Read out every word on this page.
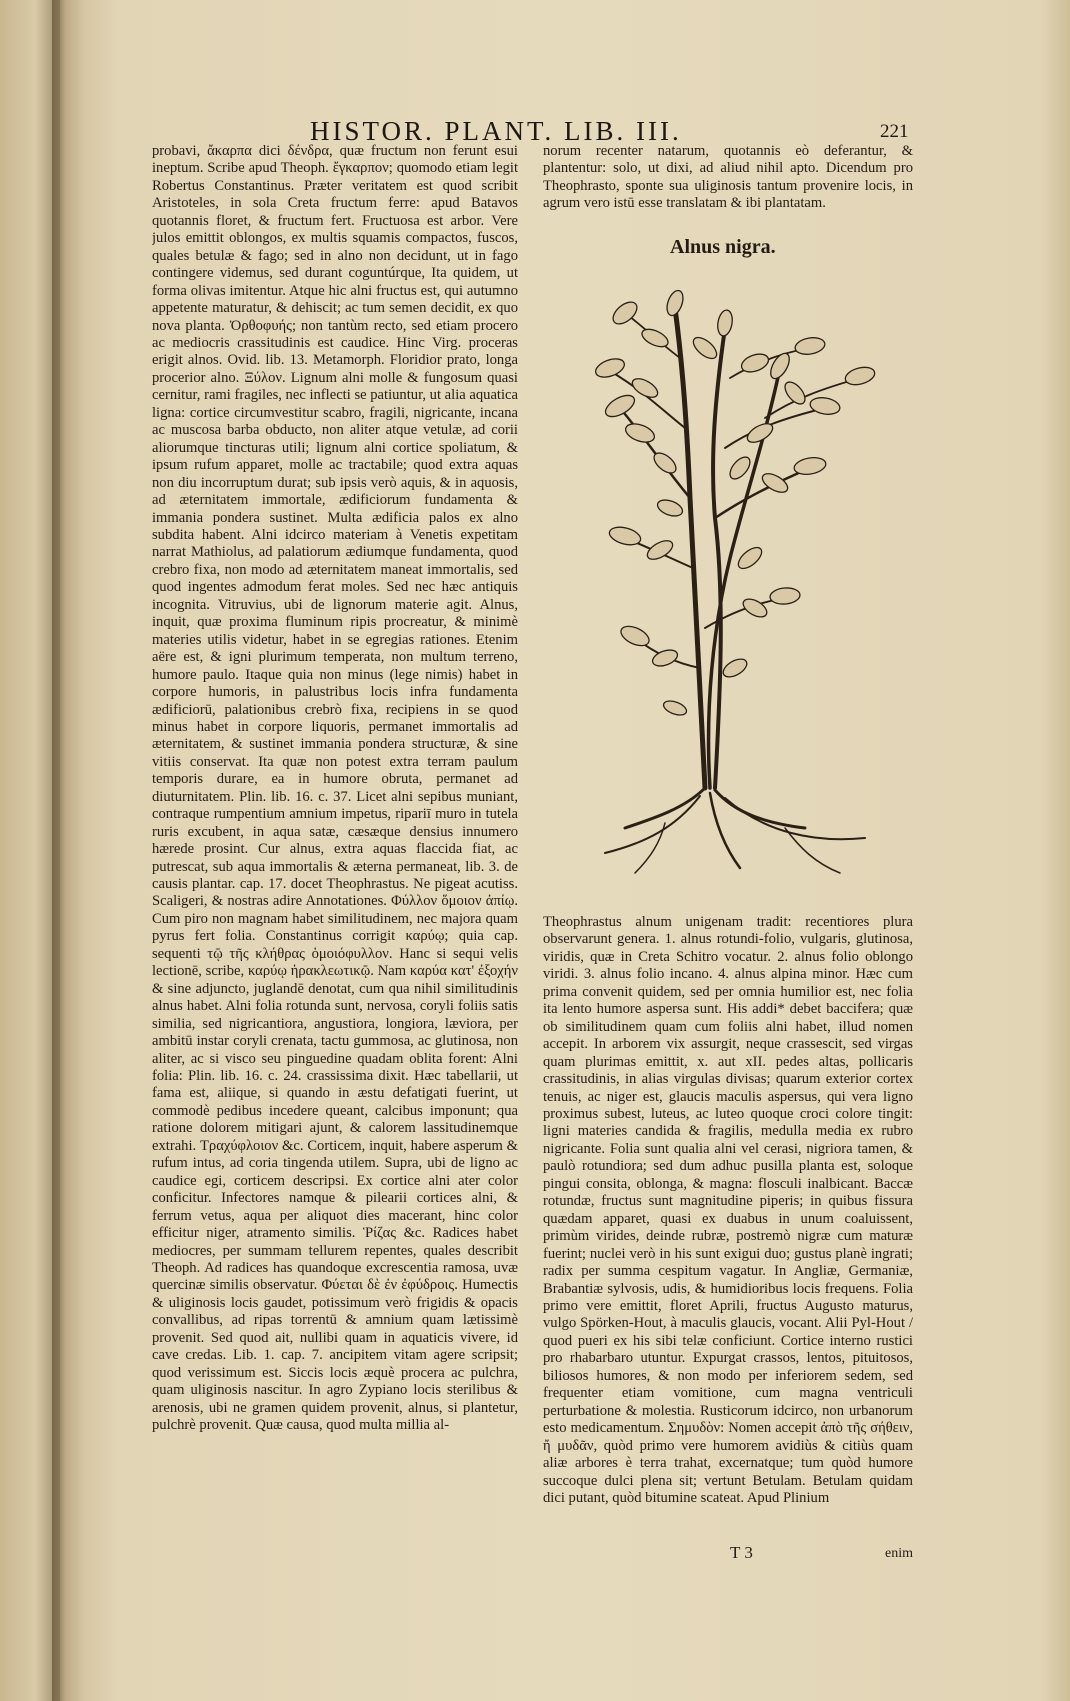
HISTOR. PLANT. LIB. III.	221

probavi, ἄκαρπα dici δένδρα, quæ fructum non ferunt esui ineptum. Scribe apud Theoph. ἔγκαρπον; quomodo etiam legit Robertus Constantinus. Præter veritatem est quod scribit Aristoteles, in sola Creta fructum ferre: apud Batavos quotannis floret, & fructum fert. Fructuosa est arbor. Vere julos emittit oblongos, ex multis squamis compactos, fuscos, quales betulæ & fago; sed in alno non decidunt, ut in fago contingere videmus, sed durant coguntúrque, Ita quidem, ut forma olivas imitentur. Atque hic alni fructus est, qui autumno appetente maturatur, & dehiscit; ac tum semen decidit, ex quo nova planta. Ὀρθοφυής; non tantùm recto, sed etiam procero ac mediocris crassitudinis est caudice. Hinc Virg. proceras erigit alnos. Ovid. lib. 13. Metamorph. Floridior prato, longa procerior alno. Ξύλον. Lignum alni molle & fungosum quasi cernitur, rami fragiles, nec inflecti se patiuntur, ut alia aquatica ligna: cortice circumvestitur scabro, fragili, nigricante, incana ac muscosa barba obducto, non aliter atque vetulæ, ad corii aliorumque tincturas utili; lignum alni cortice spoliatum, & ipsum rufum apparet, molle ac tractabile; quod extra aquas non diu incorruptum durat; sub ipsis verò aquis, & in aquosis, ad æternitatem immortale, ædificiorum fundamenta & immania pondera sustinet. Multa ædificia palos ex alno subdita habent. Alni idcirco materiam à Venetis expetitam narrat Mathiolus, ad palatiorum ædiumque fundamenta, quod crebro fixa, non modo ad æternitatem maneat immortalis, sed quod ingentes admodum ferat moles. Sed nec hæc antiquis incognita. Vitruvius, ubi de lignorum materie agit. Alnus, inquit, quæ proxima fluminum ripis procreatur, & minimè materies utilis videtur, habet in se egregias rationes. Etenim aëre est, & igni plurimum temperata, non multum terreno, humore paulo. Itaque quia non minus (lege nimis) habet in corpore humoris, in palustribus locis infra fundamenta ædificiorū, palationibus crebrò fixa, recipiens in se quod minus habet in corpore liquoris, permanet immortalis ad æternitatem, & sustinet immania ponderа structuræ, & sine vitiis conservat. Ita quæ non potest extra terram paulum temporis durare, ea in humore obruta, permanet ad diuturnitatem. Plin. lib. 16. c. 37. Licet alni sepibus muniant, contraque rumpentium amnium impetus, ripariī muro in tutela ruris excubent, in aqua satæ, cæsæque densius innumero hærede prosint. Cur alnus, extra aquas flaccida fiat, ac putrescat, sub aqua immortalis & æterna permaneat, lib. 3. de causis plantar. cap. 17. docet Theophrastus. Ne pigeat acutiss. Scaligeri, & nostras adire Annotationes. Φύλλον ὅμοιον ἀπίῳ. Cum piro non magnam habet similitudinem, nec majora quam pyrus fert folia. Constantinus corrigit καρύῳ; quia cap. sequenti τῷ τῆς κλήθρας ὁμοιόφυλλον. Hanc si sequi velis lectionē, scribe, καρύῳ ἡρακλεωτικῷ. Nam καρύα κατ' ἐξοχήν & sine adjuncto, juglandē denotat, cum qua nihil similitudinis alnus habet. Alni folia rotunda sunt, nervosa, coryli foliis satis similia, sed nigricantiora, angustiora, longiora, læviora, per ambitū instar coryli crenata, tactu gummosa, ac glutinosa, non aliter, ac si visco seu pinguedine quadam oblita forent: Alni folia: Plin. lib. 16. c. 24. crassissima dixit. Hæc tabellarii, ut fama est, aliique, si quando in æstu defatigati fuerint, ut commodè pedibus incedere queant, calcibus imponunt; qua ratione dolorem mitigari ajunt, & calorem lassitudinemque extrahi. Τραχύφλοιον &c. Corticem, inquit, habere asperum & rufum intus, ad coria tingenda utilem. Supra, ubi de ligno ac caudice egi, corticem descripsi. Ex cortice alni ater color conficitur. Infectores namque & pilearii cortices alni, & ferrum vetus, aqua per aliquot dies macerant, hinc color efficitur niger, atramento similis. Ῥίζας &c. Radices habet mediocres, per summam tellurem repentes, quales describit Theoph. Ad radices has quandoque excrescentia ramosa, uvæ quercinæ similis observatur. Φύεται δὲ ἐν ἐφύδροις. Humectis & uliginosis locis gaudet, potissimum verò frigidis & opacis convallibus, ad ripas torrentū & amnium quam lætissimè provenit. Sed quod ait, nullibi quam in aquaticis vivere, id cave credas. Lib. 1. cap. 7. ancipitem vitam agere scripsit; quod verissimum est. Siccis locis æquè procera ac pulchra, quam uliginosis nascitur. In agro Zypiano locis sterilibus & arenosis, ubi ne gramen quidem provenit, alnus, si plantetur, pulchrè provenit. Quæ causa, quod multa millia al-

norum recenter natarum, quotannis eò deferantur, & plantentur: solo, ut dixi, ad aliud nihil apto. Dicendum pro Theophrasto, sponte sua uliginosis tantum provenire locis, in agrum vero istū esse translatam & ibi plantatam.

Alnus nigra.

Theophrastus alnum unigenam tradit: recentiores plura observarunt genera. 1. alnus rotundi-folio, vulgaris, glutinosa, viridis, quæ in Creta Schitro vocatur. 2. alnus folio oblongo viridi. 3. alnus folio incano. 4. alnus alpina minor. Hæc cum prima convenit quidem, sed per omnia humilior est, nec folia ita lento humore aspersa sunt. His addi* debet baccifera; quæ ob similitudinem quam cum foliis alni habet, illud nomen accepit. In arborem vix assurgit, neque crassescit, sed virgas quam plurimas emittit, x. aut xII. pedes altas, pollicaris crassitudinis, in alias virgulas divisas; quarum exterior cortex tenuis, ac niger est, glaucis maculis aspersus, qui vera ligno proximus subest, luteus, ac luteo quoque croci colore tingit: ligni materies candida & fragilis, medulla media ex rubro nigricante. Folia sunt qualia alni vel cerasi, nigriora tamen, & paulò rotundiora; sed dum adhuc pusilla planta est, soloque pingui consita, oblonga, & magna: flosculi inalbicant. Baccæ rotundæ, fructus sunt magnitudine piperis; in quibus fissura quædam apparet, quasi ex duabus in unum coaluissent, primùm virides, deinde rubræ, postremò nigræ cum maturæ fuerint; nuclei verò in his sunt exigui duo; gustus planè ingrati; radix per summa cespitum vagatur. In Angliæ, Germaniæ, Brabantiæ sylvosis, udis, & humidioribus locis frequens. Folia primo vere emittit, floret Aprili, fructus Augusto maturus, vulgo Spörken-Hout, à maculis glaucis, vocant. Alii Pyl-Hout / quod pueri ex his sibi telæ conficiunt. Cortice interno rustici pro rhabarbaro utuntur. Expurgat crassos, lentos, pituitosos, biliosos humores, & non modo per inferiorem sedem, sed frequenter etiam vomitione, cum magna ventriculi perturbatione & molestia. Rusticorum idcirco, non urbanorum esto medicamentum. Σημυδὸν: Nomen accepit ἀπὸ τῆς σήθειν, ἤ μυδᾶν, quòd primo vere humorem avidiùs & citiùs quam aliæ arbores è terra trahat, excernatque; tum quòd humore succoque dulci plena sit; vertunt Betulam. Betulam quidam dici putant, quòd bitumine scateat. Apud Plinium

T 3	enim
